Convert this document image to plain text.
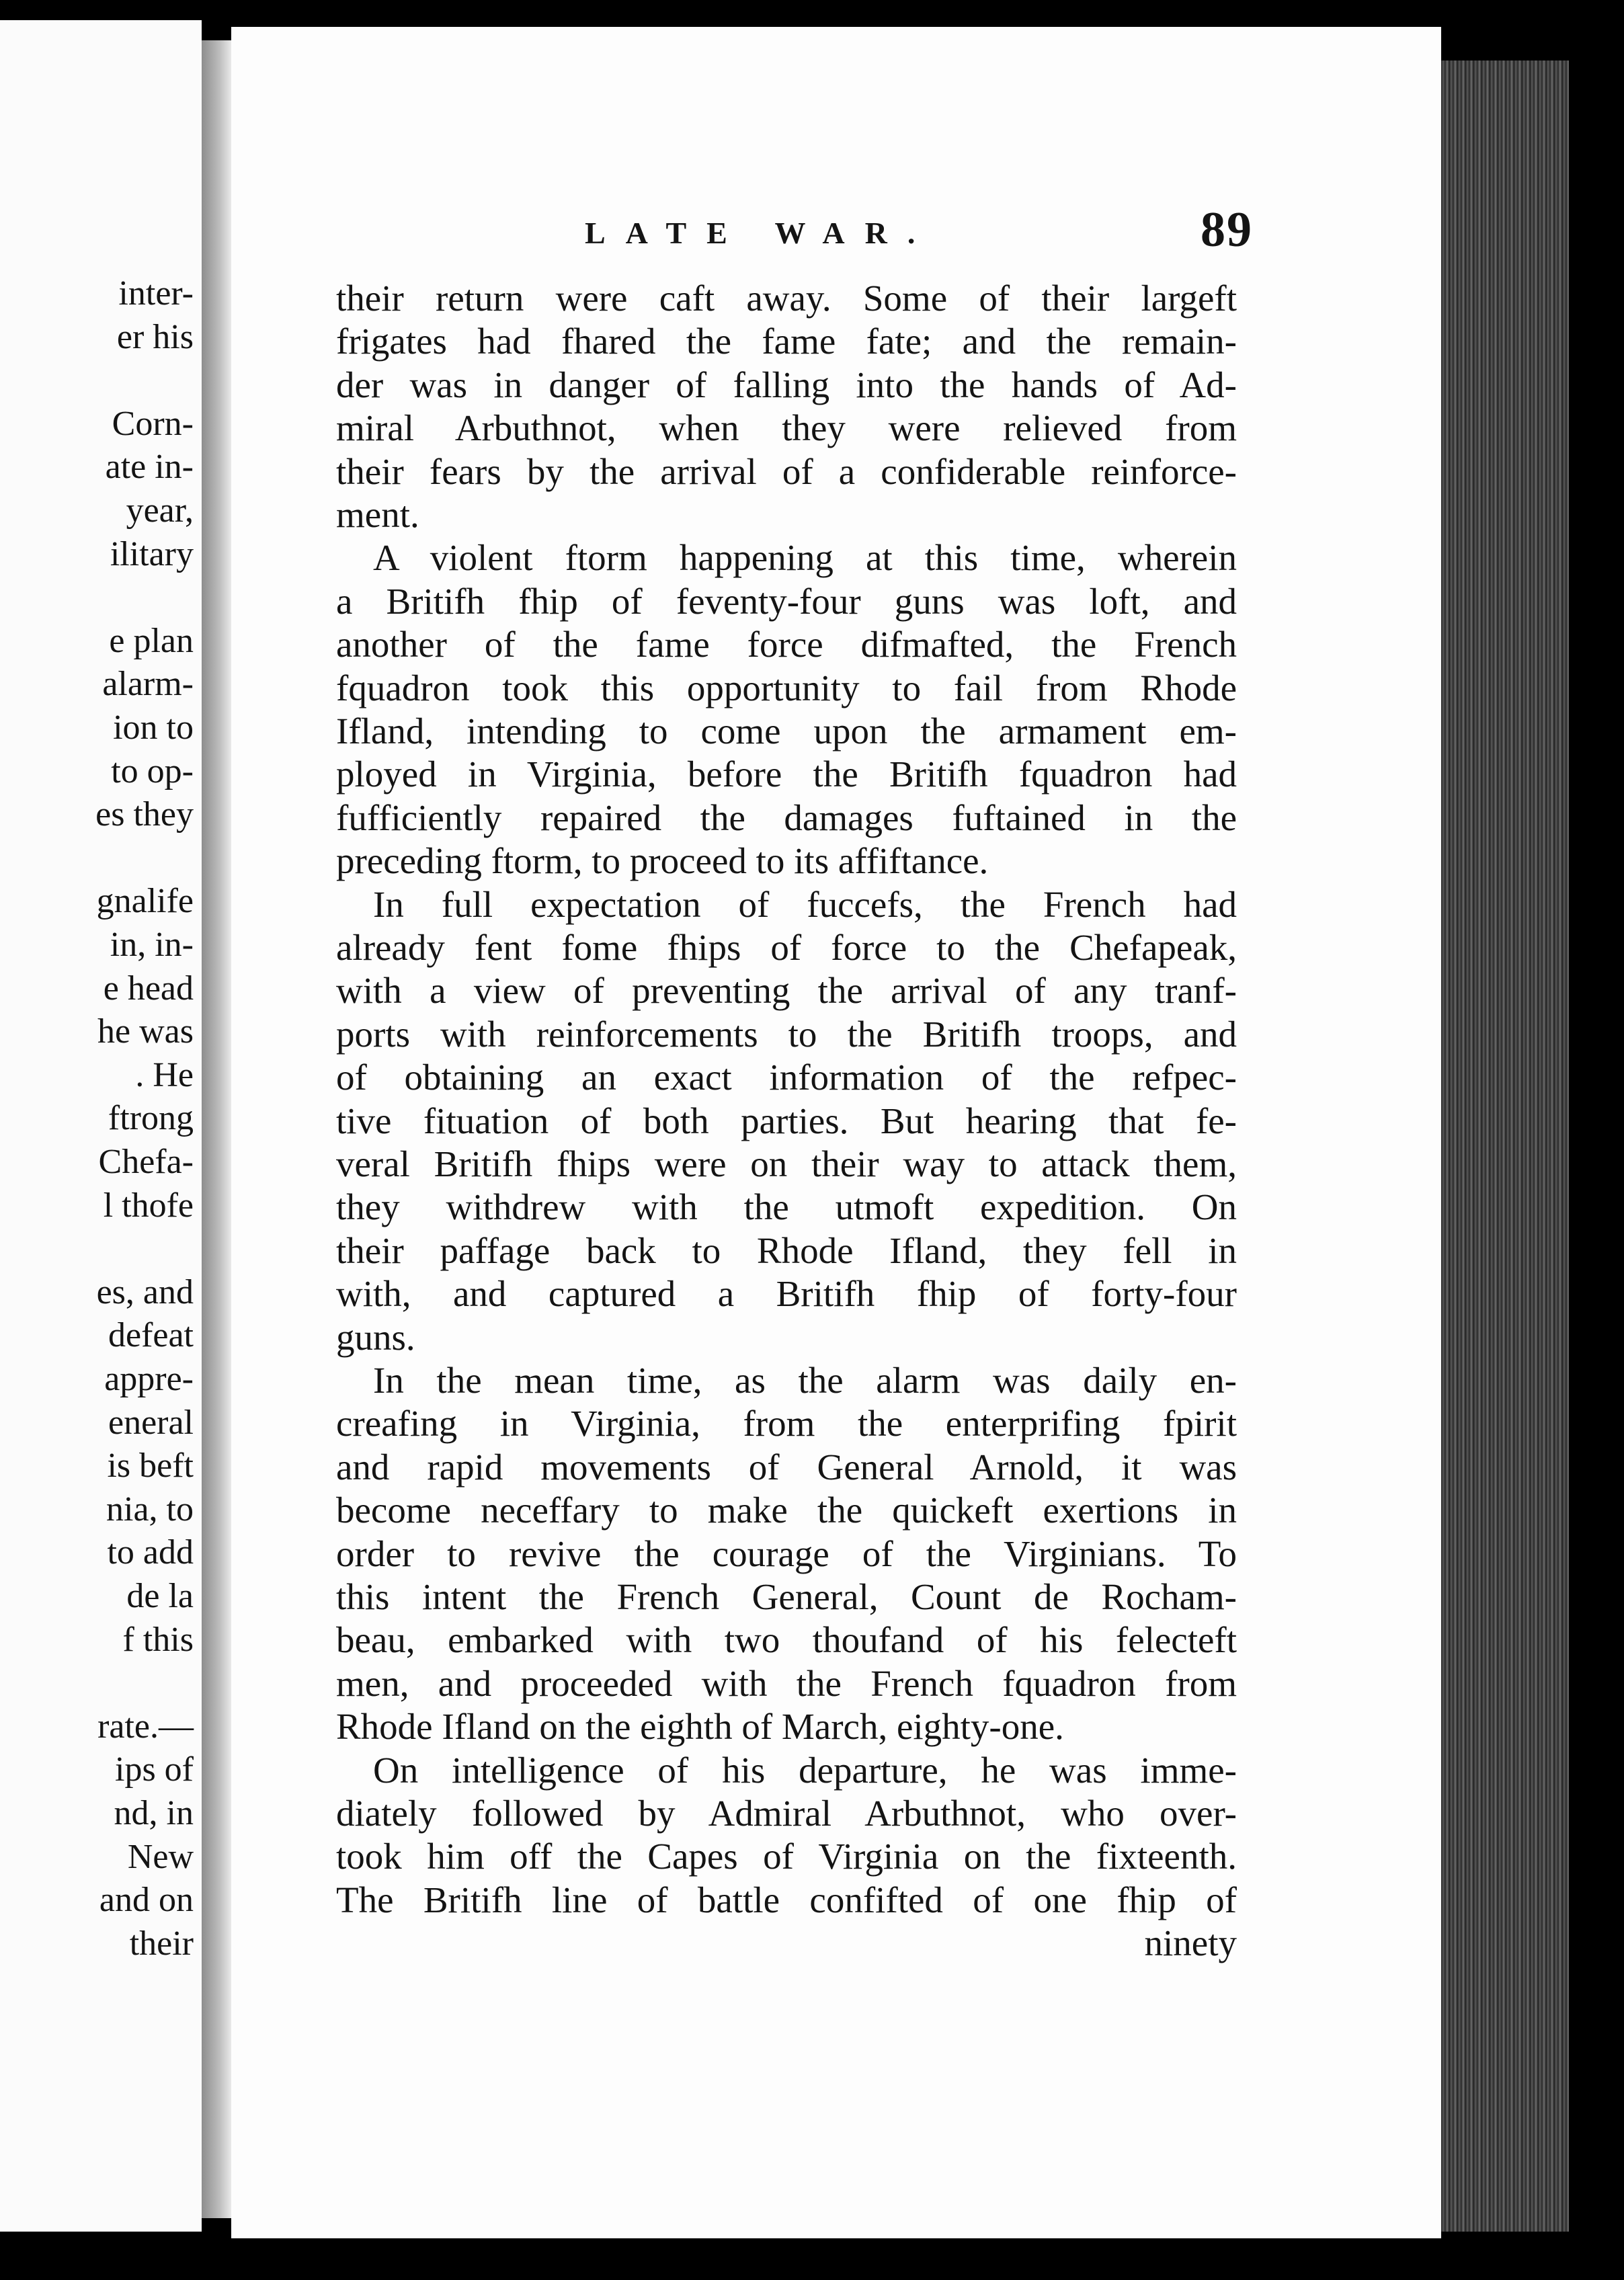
inter-
er his
Corn-
ate in-
year,
ilitary
e plan
alarm-
ion to
to op-
es they
gnalife
in, in-
e head
he was
. He
ftrong
Chefa-
l thofe
es, and
defeat
appre-
eneral
is beft
nia, to
to add
de la
f this
rate.—
ips of
nd, in
New
and on
their
LATE WAR.	89
their return were caft away. Some of their largeft
frigates had fhared the fame fate; and the remain-
der was in danger of falling into the hands of Ad-
miral Arbuthnot, when they were relieved from
their fears by the arrival of a confiderable reinforce-
ment.
A violent ftorm happening at this time, wherein
a Britifh fhip of feventy-four guns was loft, and
another of the fame force difmafted, the French
fquadron took this opportunity to fail from Rhode
Ifland, intending to come upon the armament em-
ployed in Virginia, before the Britifh fquadron had
fufficiently repaired the damages fuftained in the
preceding ftorm, to proceed to its affiftance.
In full expectation of fuccefs, the French had
already fent fome fhips of force to the Chefapeak,
with a view of preventing the arrival of any tranf-
ports with reinforcements to the Britifh troops, and
of obtaining an exact information of the refpec-
tive fituation of both parties. But hearing that fe-
veral Britifh fhips were on their way to attack them,
they withdrew with the utmoft expedition. On
their paffage back to Rhode Ifland, they fell in
with, and captured a Britifh fhip of forty-four
guns.
In the mean time, as the alarm was daily en-
creafing in Virginia, from the enterprifing fpirit
and rapid movements of General Arnold, it was
become neceffary to make the quickeft exertions in
order to revive the courage of the Virginians. To
this intent the French General, Count de Rocham-
beau, embarked with two thoufand of his felecteft
men, and proceeded with the French fquadron from
Rhode Ifland on the eighth of March, eighty-one.
On intelligence of his departure, he was imme-
diately followed by Admiral Arbuthnot, who over-
took him off the Capes of Virginia on the fixteenth.
The Britifh line of battle confifted of one fhip of
ninety
